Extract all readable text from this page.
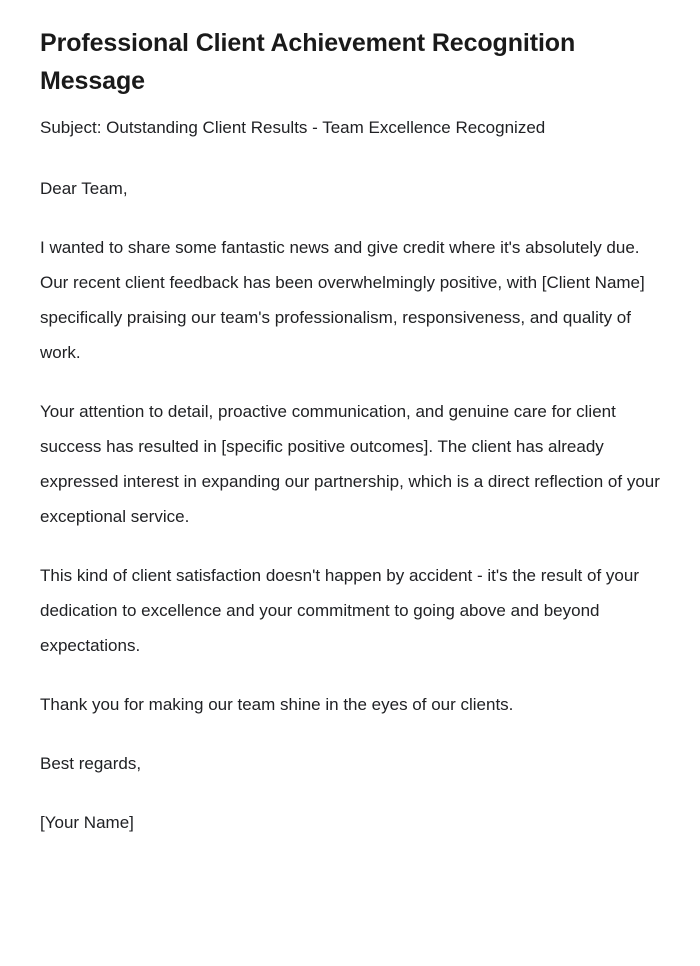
Professional Client Achievement Recognition Message

Subject: Outstanding Client Results - Team Excellence Recognized

Dear Team,

I wanted to share some fantastic news and give credit where it's absolutely due. Our recent client feedback has been overwhelmingly positive, with [Client Name] specifically praising our team's professionalism, responsiveness, and quality of work.

Your attention to detail, proactive communication, and genuine care for client success has resulted in [specific positive outcomes]. The client has already expressed interest in expanding our partnership, which is a direct reflection of your exceptional service.

This kind of client satisfaction doesn't happen by accident - it's the result of your dedication to excellence and your commitment to going above and beyond expectations.

Thank you for making our team shine in the eyes of our clients.

Best regards,

[Your Name]
